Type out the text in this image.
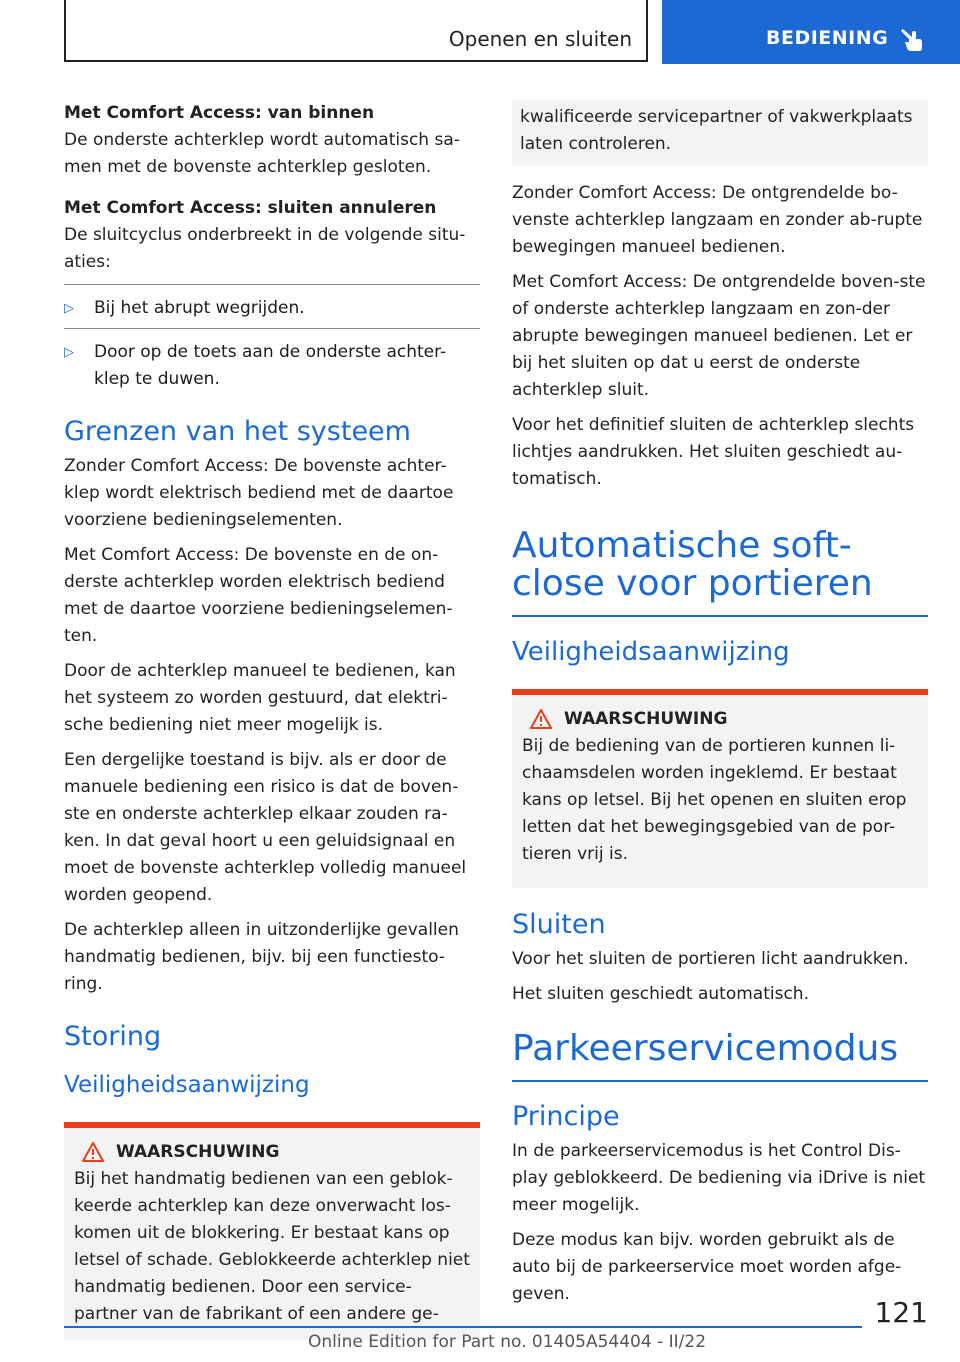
Openen en sluiten	BEDIENING

Met Comfort Access: van binnen

De onderste achterklep wordt automatisch sa-men met de bovenste achterklep gesloten.

Met Comfort Access: sluiten annuleren

De sluitcyclus onderbreekt in de volgende situ-aties:

▷ Bij het abrupt wegrijden.
▷ Door op de toets aan de onderste achter-klep te duwen.
Grenzen van het systeem

Zonder Comfort Access: De bovenste achter-klep wordt elektrisch bediend met de daartoe voorziene bedieningselementen.

Met Comfort Access: De bovenste en de on-derste achterklep worden elektrisch bediend met de daartoe voorziene bedieningselemen-ten.

Door de achterklep manueel te bedienen, kan het systeem zo worden gestuurd, dat elektri-sche bediening niet meer mogelijk is.

Een dergelijke toestand is bijv. als er door de manuele bediening een risico is dat de boven-ste en onderste achterklep elkaar zouden ra-ken. In dat geval hoort u een geluidsignaal en moet de bovenste achterklep volledig manueel worden geopend.

De achterklep alleen in uitzonderlijke gevallen handmatig bedienen, bijv. bij een functiesto-ring.

Storing
Veiligheidsaanwijzing
WAARSCHUWING

Bij het handmatig bedienen van een geblok-keerde achterklep kan deze onverwacht los-komen uit de blokkering. Er bestaat kans op letsel of schade. Geblokkeerde achterklep niet handmatig bedienen. Door een service-partner van de fabrikant of een andere ge-

kwalificeerde servicepartner of vakwerkplaats laten controleren.

Zonder Comfort Access: De ontgrendelde bo-venste achterklep langzaam en zonder ab-rupte bewegingen manueel bedienen.

Met Comfort Access: De ontgrendelde boven-ste of onderste achterklep langzaam en zon-der abrupte bewegingen manueel bedienen. Let er bij het sluiten op dat u eerst de onderste achterklep sluit.

Voor het definitief sluiten de achterklep slechts lichtjes aandrukken. Het sluiten geschiedt au-tomatisch.

Automatische soft-close voor portieren
Veiligheidsaanwijzing
WAARSCHUWING

Bij de bediening van de portieren kunnen li-chaamsdelen worden ingeklemd. Er bestaat kans op letsel. Bij het openen en sluiten erop letten dat het bewegingsgebied van de por-tieren vrij is.

Sluiten

Voor het sluiten de portieren licht aandrukken.

Het sluiten geschiedt automatisch.

Parkeerservicemodus
Principe

In de parkeerservicemodus is het Control Dis-play geblokkeerd. De bediening via iDrive is niet meer mogelijk.

Deze modus kan bijv. worden gebruikt als de auto bij de parkeerservice moet worden afge-geven.

121
Online Edition for Part no. 01405A54404 - II/22
